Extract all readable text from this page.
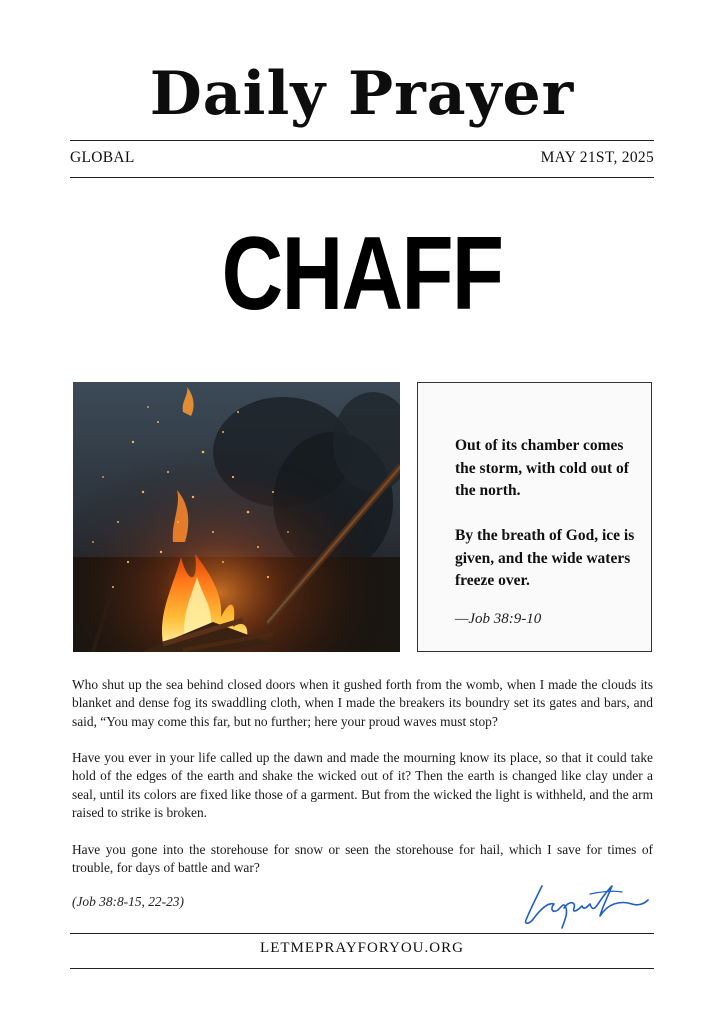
Daily Prayer
GLOBAL	MAY 21ST, 2025
CHAFF

Out of its chamber comes the storm, with cold out of the north.

By the breath of God, ice is given, and the wide waters freeze over.

—Job 38:9-10

Who shut up the sea behind closed doors when it gushed forth from the womb, when I made the clouds its blanket and dense fog its swaddling cloth, when I made the breakers its boundry set its gates and bars, and said, “You may come this far, but no further; here your proud waves must stop?

Have you ever in your life called up the dawn and made the mourning know its place, so that it could take hold of the edges of the earth and shake the wicked out of it? Then the earth is changed like clay under a seal, until its colors are fixed like those of a garment. But from the wicked the light is withheld, and the arm raised to strike is broken.

Have you gone into the storehouse for snow or seen the storehouse for hail, which I save for times of trouble, for days of battle and war?

(Job 38:8-15, 22-23)
LETMEPRAYFORYOU.ORG
